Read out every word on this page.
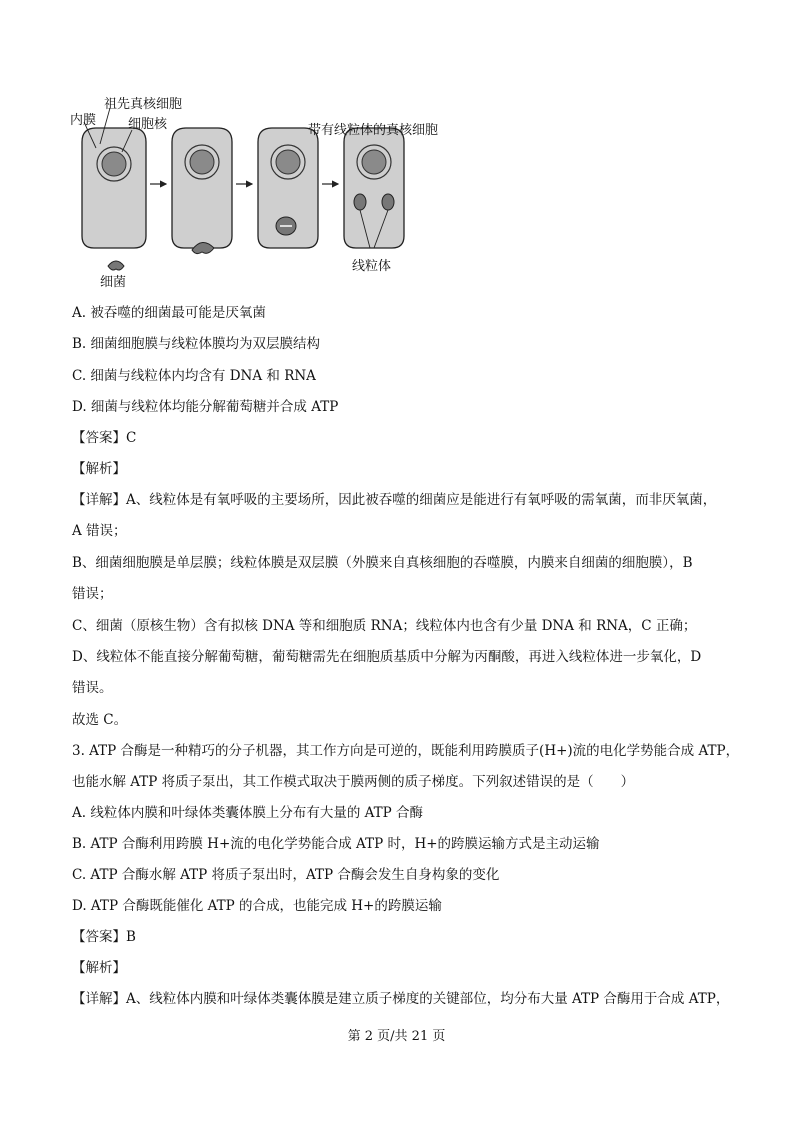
祖先真核细胞
内膜 细胞核	带有线粒体的真核细胞
线粒体
细菌
A. 被吞噬的细菌最可能是厌氧菌
B. 细菌细胞膜与线粒体膜均为双层膜结构
C. 细菌与线粒体内均含有 DNA 和 RNA
D. 细菌与线粒体均能分解葡萄糖并合成 ATP
【答案】C
【解析】
【详解】A、线粒体是有氧呼吸的主要场所，因此被吞噬的细菌应是能进行有氧呼吸的需氧菌，而非厌氧菌，
A 错误；
B、细菌细胞膜是单层膜；线粒体膜是双层膜（外膜来自真核细胞的吞噬膜，内膜来自细菌的细胞膜），B
错误；
C、细菌（原核生物）含有拟核 DNA 等和细胞质 RNA；线粒体内也含有少量 DNA 和 RNA，C 正确；
D、线粒体不能直接分解葡萄糖，葡萄糖需先在细胞质基质中分解为丙酮酸，再进入线粒体进一步氧化，D
错误。
故选 C。
3. ATP 合酶是一种精巧的分子机器，其工作方向是可逆的，既能利用跨膜质子(H+)流的电化学势能合成 ATP，
也能水解 ATP 将质子泵出，其工作模式取决于膜两侧的质子梯度。下列叙述错误的是（　　）
A. 线粒体内膜和叶绿体类囊体膜上分布有大量的 ATP 合酶
B. ATP 合酶利用跨膜 H+流的电化学势能合成 ATP 时，H+的跨膜运输方式是主动运输
C. ATP 合酶水解 ATP 将质子泵出时，ATP 合酶会发生自身构象的变化
D. ATP 合酶既能催化 ATP 的合成，也能完成 H+的跨膜运输
【答案】B
【解析】
【详解】A、线粒体内膜和叶绿体类囊体膜是建立质子梯度的关键部位，均分布大量 ATP 合酶用于合成 ATP，
第 2 页/共 21 页
